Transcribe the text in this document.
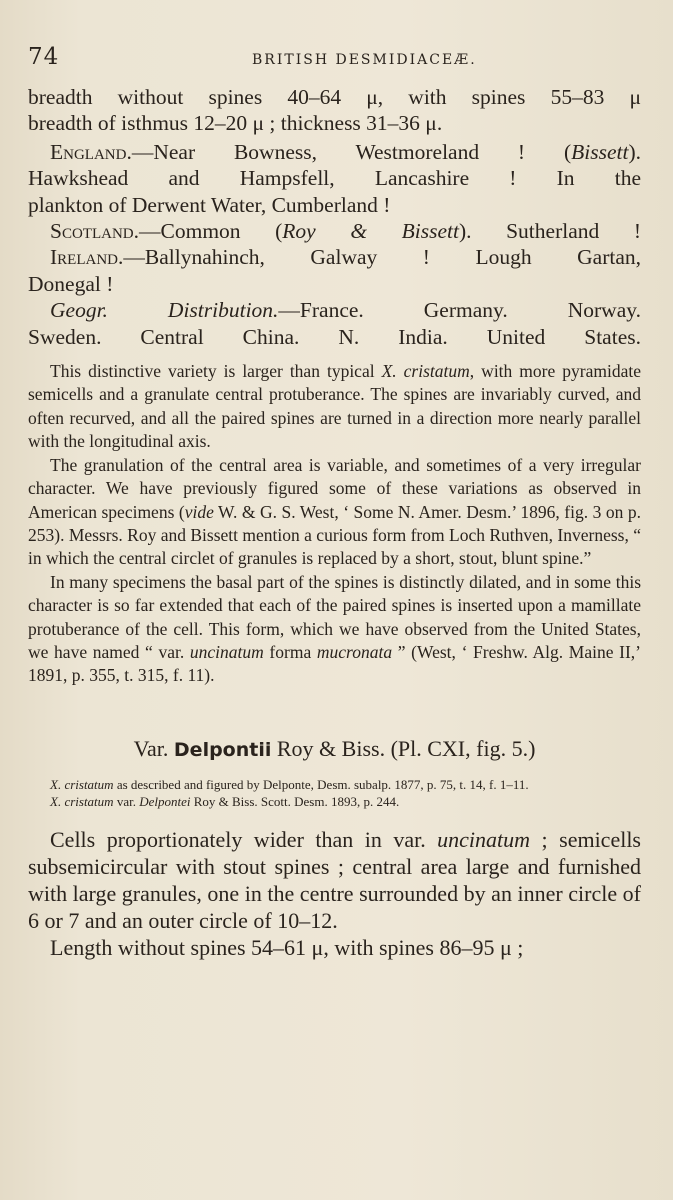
74	BRITISH DESMIDIACEÆ.

breadth without spines 40–64 μ, with spines 55–83 μ

breadth of isthmus 12–20 μ ; thickness 31–36 μ.

England.—Near Bowness, Westmoreland ! (Bissett).

Hawkshead and Hampsfell, Lancashire ! In the

plankton of Derwent Water, Cumberland !

Scotland.—Common (Roy & Bissett). Sutherland !

Ireland.—Ballynahinch, Galway ! Lough Gartan,

Donegal !

Geogr. Distribution.—France. Germany. Norway.

Sweden. Central China. N. India. United States.

This distinctive variety is larger than typical X. cristatum, with more pyramidate semicells and a granulate central protuberance. The spines are invariably curved, and often recurved, and all the paired spines are turned in a direction more nearly parallel with the longitudinal axis.

The granulation of the central area is variable, and sometimes of a very irregular character. We have previously figured some of these variations as observed in American specimens (vide W. & G. S. West, ‘ Some N. Amer. Desm.’ 1896, fig. 3 on p. 253). Messrs. Roy and Bissett mention a curious form from Loch Ruthven, Inverness, “ in which the central circlet of granules is replaced by a short, stout, blunt spine.”

In many specimens the basal part of the spines is distinctly dilated, and in some this character is so far extended that each of the paired spines is inserted upon a mamillate protuberance of the cell. This form, which we have observed from the United States, we have named “ var. uncinatum forma mucronata ” (West, ‘ Freshw. Alg. Maine II,’ 1891, p. 355, t. 315, f. 11).

Var. Delpontii Roy & Biss. (Pl. CXI, fig. 5.)

X. cristatum as described and figured by Delponte, Desm. subalp. 1877, p. 75, t. 14, f. 1–11.

X. cristatum var. Delpontei Roy & Biss. Scott. Desm. 1893, p. 244.

Cells proportionately wider than in var. uncinatum ; semicells subsemicircular with stout spines ; central area large and furnished with large granules, one in the centre surrounded by an inner circle of 6 or 7 and an outer circle of 10–12.

Length without spines 54–61 μ, with spines 86–95 μ ;
